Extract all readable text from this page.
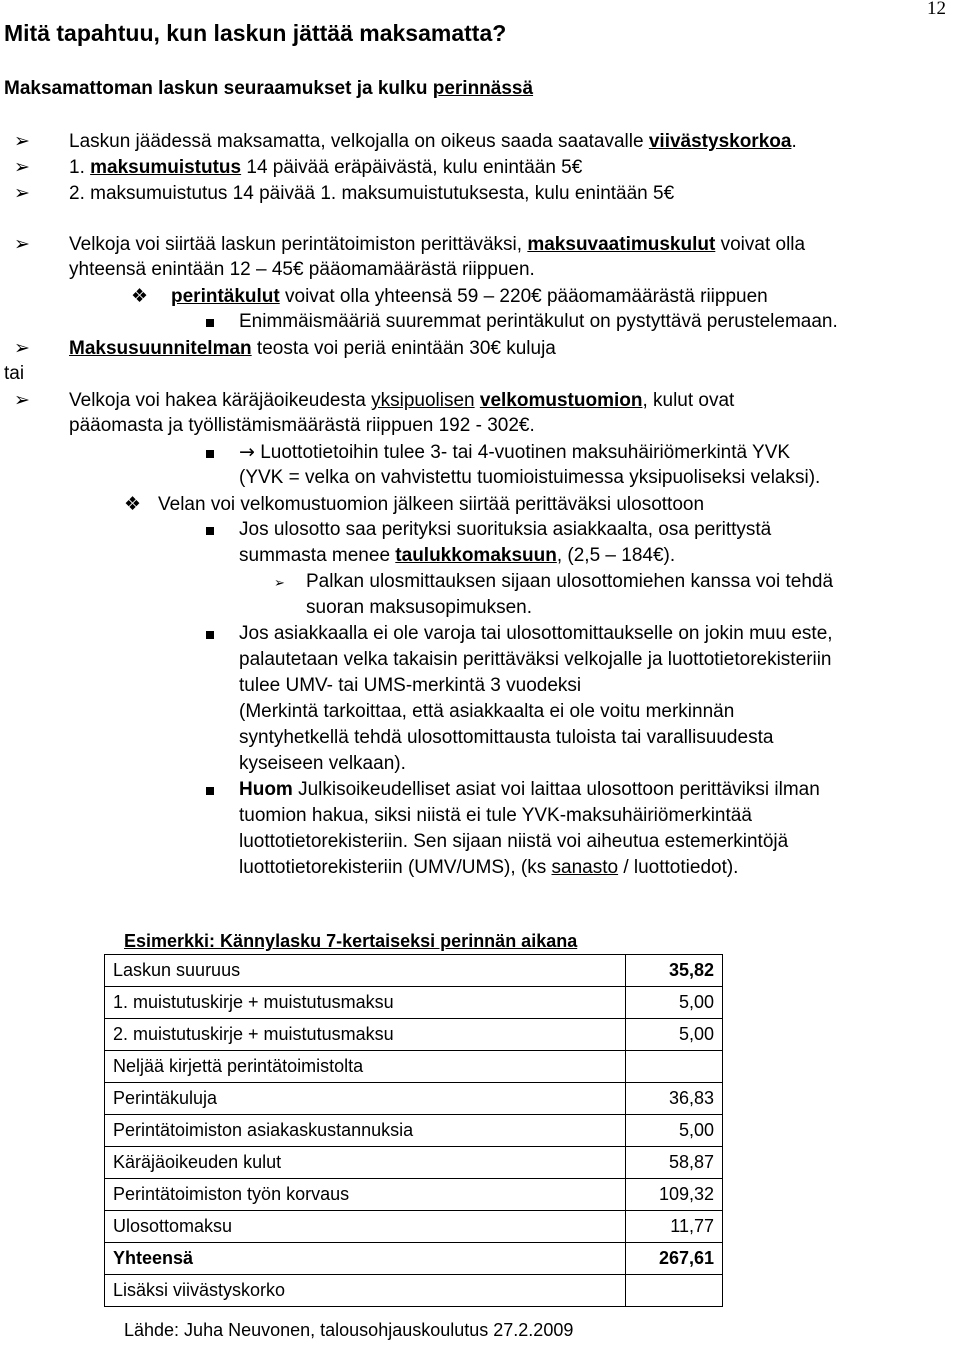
12
Mitä tapahtuu, kun laskun jättää maksamatta?
Maksamattoman laskun seuraamukset ja kulku perinnässä
➢ Laskun jäädessä maksamatta, velkojalla on oikeus saada saatavalle viivästyskorkoa.
➢ 1. maksumuistutus 14 päivää eräpäivästä, kulu enintään 5€
➢ 2. maksumuistutus 14 päivää 1. maksumuistutuksesta, kulu enintään 5€
➢ Velkoja voi siirtää laskun perintätoimiston perittäväksi, maksuvaatimuskulut voivat olla
yhteensä enintään 12 – 45€ pääomamäärästä riippuen.
❖ perintäkulut voivat olla yhteensä 59 – 220€ pääomamäärästä riippuen
Enimmäismääriä suuremmat perintäkulut on pystyttävä perustelemaan.
➢ Maksusuunnitelman teosta voi periä enintään 30€ kuluja
tai
➢ Velkoja voi hakea käräjäoikeudesta yksipuolisen velkomustuomion, kulut ovat
pääomasta ja työllistämismäärästä riippuen 192 - 302€.
→ Luottotietoihin tulee 3- tai 4-vuotinen maksuhäiriömerkintä YVK
(YVK = velka on vahvistettu tuomioistuimessa yksipuoliseksi velaksi).
❖ Velan voi velkomustuomion jälkeen siirtää perittäväksi ulosottoon
Jos ulosotto saa perityksi suorituksia asiakkaalta, osa perittystä
summasta menee taulukkomaksuun, (2,5 – 184€).
➢ Palkan ulosmittauksen sijaan ulosottomiehen kanssa voi tehdä
suoran maksusopimuksen.
Jos asiakkaalla ei ole varoja tai ulosottomittaukselle on jokin muu este,
palautetaan velka takaisin perittäväksi velkojalle ja luottotietorekisteriin
tulee UMV- tai UMS-merkintä 3 vuodeksi
(Merkintä tarkoittaa, että asiakkaalta ei ole voitu merkinnän
syntyhetkellä tehdä ulosottomittausta tuloista tai varallisuudesta
kyseiseen velkaan).
Huom Julkisoikeudelliset asiat voi laittaa ulosottoon perittäviksi ilman
tuomion hakua, siksi niistä ei tule YVK-maksuhäiriömerkintää
luottotietorekisteriin. Sen sijaan niistä voi aiheutua estemerkintöjä
luottotietorekisteriin (UMV/UMS), (ks sanasto / luottotiedot).
Esimerkki: Kännylasku 7-kertaiseksi perinnän aikana
Laskun suuruus	35,82
1. muistutuskirje + muistutusmaksu	5,00
2. muistutuskirje + muistutusmaksu	5,00
Neljää kirjettä perintätoimistolta	
Perintäkuluja	36,83
Perintätoimiston asiakaskustannuksia	5,00
Käräjäoikeuden kulut	58,87
Perintätoimiston työn korvaus	109,32
Ulosottomaksu	11,77
Yhteensä	267,61
Lisäksi viivästyskorko	
Lähde: Juha Neuvonen, talousohjauskoulutus 27.2.2009
